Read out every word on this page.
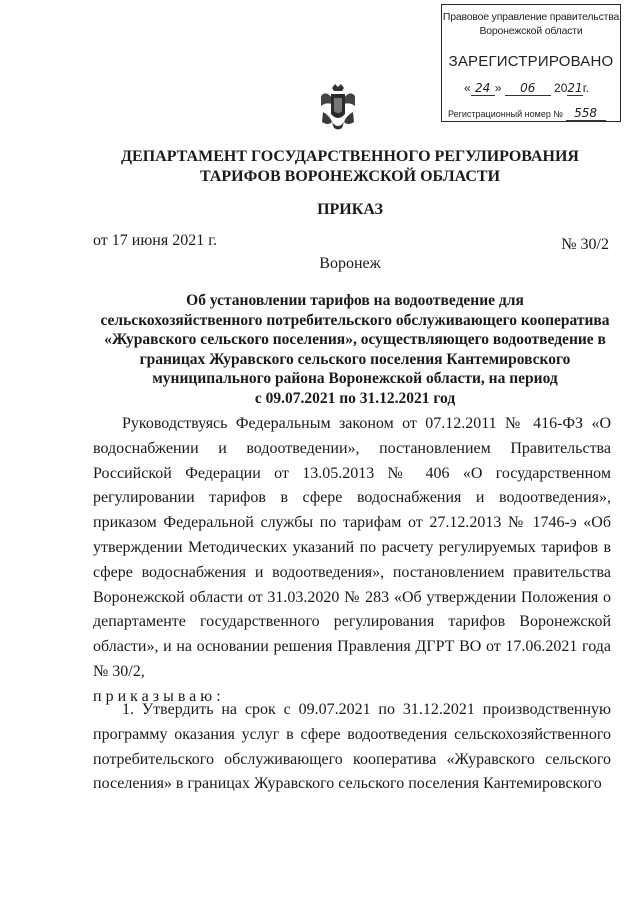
Правовое управление правительства
Воронежской области
ЗАРЕГИСТРИРОВАНО
« 24 » 06 2021г.
Регистрационный номер № 558
ДЕПАРТАМЕНТ ГОСУДАРСТВЕННОГО РЕГУЛИРОВАНИЯ
ТАРИФОВ ВОРОНЕЖСКОЙ ОБЛАСТИ
ПРИКАЗ
от 17 июня 2021 г.	№ 30/2
Воронеж
Об установлении тарифов на водоотведение для
сельскохозяйственного потребительского обслуживающего кооператива
«Журавского сельского поселения», осуществляющего водоотведение в
границах Журавского сельского поселения Кантемировского
муниципального района Воронежской области, на период
с 09.07.2021 по 31.12.2021 год

Руководствуясь Федеральным законом от 07.12.2011 № 416-ФЗ «О водоснабжении и водоотведении», постановлением Правительства Российской Федерации от 13.05.2013 № 406 «О государственном регулировании тарифов в сфере водоснабжения и водоотведения», приказом Федеральной службы по тарифам от 27.12.2013 № 1746-э «Об утверждении Методических указаний по расчету регулируемых тарифов в сфере водоснабжения и водоотведения», постановлением правительства Воронежской области от 31.03.2020 № 283 «Об утверждении Положения о департаменте государственного регулирования тарифов Воронежской области», и на основании решения Правления ДГРТ ВО от 17.06.2021 года № 30/2,

приказываю:

1. Утвердить на срок с 09.07.2021 по 31.12.2021 производственную программу оказания услуг в сфере водоотведения сельскохозяйственного потребительского обслуживающего кооператива «Журавского сельского поселения» в границах Журавского сельского поселения Кантемировского
